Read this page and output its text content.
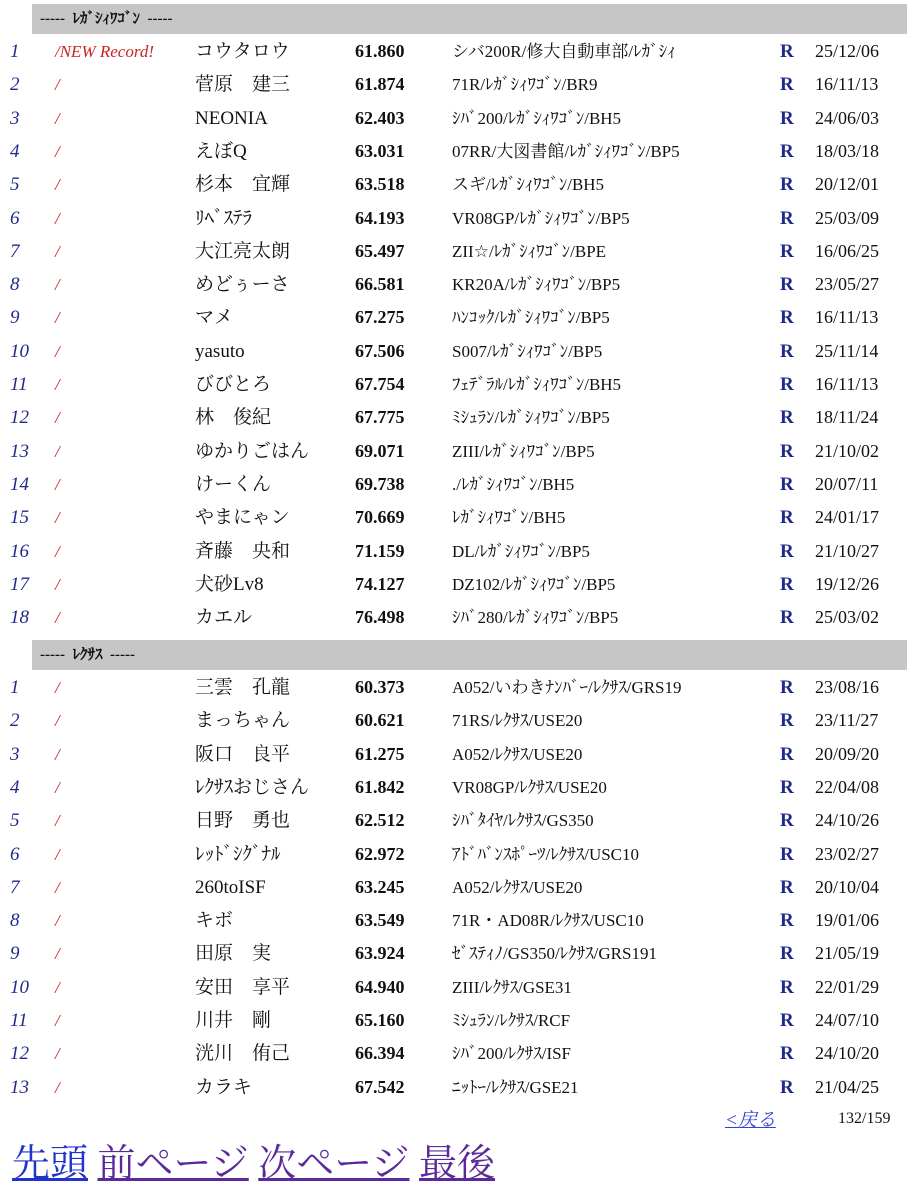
-----  ﾚｶﾞｼｨﾜｺﾞﾝ  -----
1 /NEW Record! コウタロウ	61.860	シバ200R/修大自動車部/ﾚｶﾞｼｨ	R 25/12/06
2 /	菅原　建三	61.874	71R/ﾚｶﾞｼｨﾜｺﾞﾝ/BR9	R 16/11/13
3 /	NEONIA	62.403	ｼﾊﾞ200/ﾚｶﾞｼｨﾜｺﾞﾝ/BH5	R 24/06/03
4 /	えぼQ	63.031	07RR/大図書館/ﾚｶﾞｼｨﾜｺﾞﾝ/BP5	R 18/03/18
5 /	杉本　宜輝	63.518	スギ/ﾚｶﾞｼｨﾜｺﾞﾝ/BH5	R 20/12/01
6 /	ﾘﾍﾞｽﾃﾗ	64.193	VR08GP/ﾚｶﾞｼｨﾜｺﾞﾝ/BP5	R 25/03/09
7 /	大江亮太朗	65.497	ZII☆/ﾚｶﾞｼｨﾜｺﾞﾝ/BPE	R 16/06/25
8 /	めどぅーさ	66.581	KR20A/ﾚｶﾞｼｨﾜｺﾞﾝ/BP5	R 23/05/27
9 /	マメ	67.275	ﾊﾝｺｯｸ/ﾚｶﾞｼｨﾜｺﾞﾝ/BP5	R 16/11/13
10 /	yasuto	67.506	S007/ﾚｶﾞｼｨﾜｺﾞﾝ/BP5	R 25/11/14
11 /	びびとろ	67.754	ﾌｪﾃﾞﾗﾙ/ﾚｶﾞｼｨﾜｺﾞﾝ/BH5	R 16/11/13
12 /	林　俊紀	67.775	ﾐｼｭﾗﾝ/ﾚｶﾞｼｨﾜｺﾞﾝ/BP5	R 18/11/24
13 /	ゆかりごはん	69.071	ZIII/ﾚｶﾞｼｨﾜｺﾞﾝ/BP5	R 21/10/02
14 /	けーくん	69.738	./ﾚｶﾞｼｨﾜｺﾞﾝ/BH5	R 20/07/11
15 /	やまにゃン	70.669	ﾚｶﾞｼｨﾜｺﾞﾝ/BH5	R 24/01/17
16 /	斉藤　央和	71.159	DL/ﾚｶﾞｼｨﾜｺﾞﾝ/BP5	R 21/10/27
17 /	犬砂Lv8	74.127	DZ102/ﾚｶﾞｼｨﾜｺﾞﾝ/BP5	R 19/12/26
18 /	カエル	76.498	ｼﾊﾞ280/ﾚｶﾞｼｨﾜｺﾞﾝ/BP5	R 25/03/02
-----  ﾚｸｻｽ  -----
1 /	三雲　孔龍	60.373	A052/いわきﾅﾝﾊﾞｰ/ﾚｸｻｽ/GRS19	R 23/08/16
2 /	まっちゃん	60.621	71RS/ﾚｸｻｽ/USE20	R 23/11/27
3 /	阪口　良平	61.275	A052/ﾚｸｻｽ/USE20	R 20/09/20
4 /	ﾚｸｻｽおじさん	61.842	VR08GP/ﾚｸｻｽ/USE20	R 22/04/08
5 /	日野　勇也	62.512	ｼﾊﾞﾀｲﾔ/ﾚｸｻｽ/GS350	R 24/10/26
6 /	ﾚｯﾄﾞｼｸﾞﾅﾙ	62.972	ｱﾄﾞﾊﾞﾝｽﾎﾟｰﾂ/ﾚｸｻｽ/USC10	R 23/02/27
7 /	260toISF	63.245	A052/ﾚｸｻｽ/USE20	R 20/10/04
8 /	キボ	63.549	71R・AD08R/ﾚｸｻｽ/USC10	R 19/01/06
9 /	田原　実	63.924	ｾﾞｽﾃｨﾉ/GS350/ﾚｸｻｽ/GRS191	R 21/05/19
10 /	安田　享平	64.940	ZIII/ﾚｸｻｽ/GSE31	R 22/01/29
11 /	川井　剛	65.160	ﾐｼｭﾗﾝ/ﾚｸｻｽ/RCF	R 24/07/10
12 /	洸川　侑己	66.394	ｼﾊﾞ200/ﾚｸｻｽ/ISF	R 24/10/20
13 /	カラキ	67.542	ﾆｯﾄｰ/ﾚｸｻｽ/GSE21	R 21/04/25
<戻る	132/159
先頭 前ページ 次ページ 最後
